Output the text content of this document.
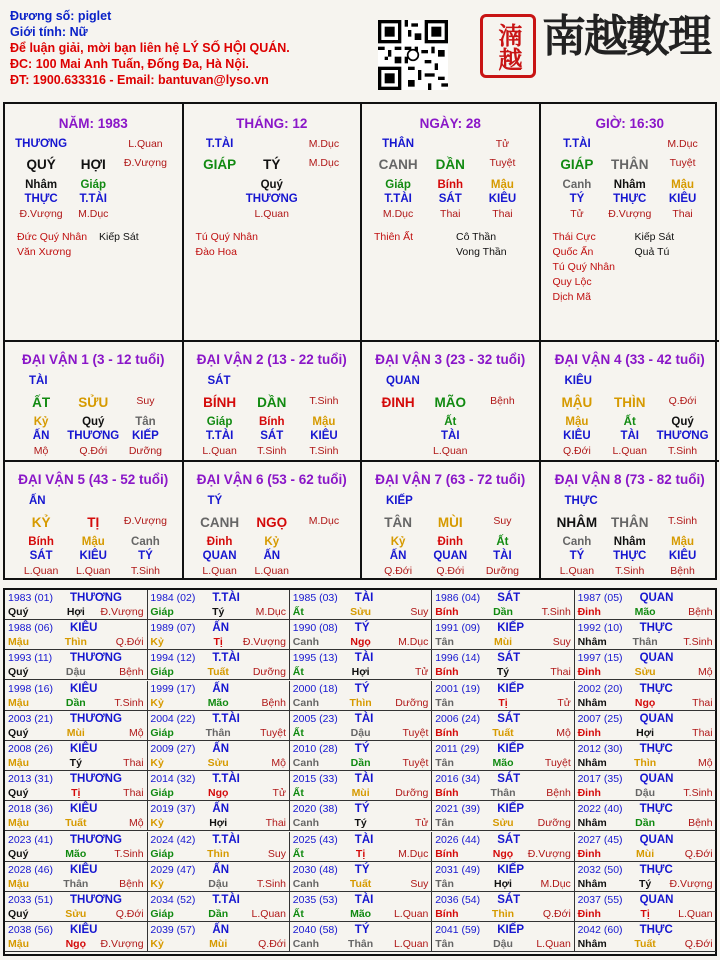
Đương số: piglet
Giới tính: Nữ
Để luận giải, mời bạn liên hệ LÝ SỐ HỘI QUÁN.
ĐC: 100 Mai Anh Tuấn, Đống Đa, Hà Nội.
ĐT: 1900.633316 - Email: bantuvan@lyso.vn
湳越 南越數理
NĂM: 1983
THƯƠNG	L.Quan
QUÝ	HỢI	Đ.Vượng
Nhâm	Giáp
THỰC	T.TÀI
Đ.Vượng	M.Dục
Đức Quý Nhân
Văn Xương
Kiếp Sát
THÁNG: 12
T.TÀI	M.Dục
GIÁP	TÝ	M.Dục
Quý
THƯƠNG
L.Quan
Tú Quý Nhân
Đào Hoa
NGÀY: 28
THÂN	Tử
CANH	DẦN	Tuyệt
Giáp	Bính	Mậu
T.TÀI	SÁT	KIÊU
M.Dục	Thai	Thai
Thiên Ất	Cô Thần
Vong Thần
GIỜ: 16:30
T.TÀI	M.Dục
GIÁP	THÂN	Tuyệt
Canh	Nhâm	Mậu
TÝ	THỰC	KIÊU
Tử	Đ.Vượng	Thai
Thái Cực
Quốc Ấn
Tú Quý Nhân
Quy Lộc
Dịch Mã
Kiếp Sát
Quả Tú
ĐẠI VẬN 1 (3 - 12 tuổi)
TÀI
ẤT	SỬU	Suy
Kỷ	Quý	Tân
ẤN	THƯƠNG	KIẾP
Mộ	Q.Đới	Dưỡng
ĐẠI VẬN 2 (13 - 22 tuổi)
SÁT
BÍNH	DẦN	T.Sinh
Giáp	Bính	Mậu
T.TÀI	SÁT	KIÊU
L.Quan	T.Sinh	T.Sinh
ĐẠI VẬN 3 (23 - 32 tuổi)
QUAN
ĐINH	MÃO	Bệnh
Ất
TÀI
L.Quan
ĐẠI VẬN 4 (33 - 42 tuổi)
KIÊU
MẬU	THÌN	Q.Đới
Mậu	Ất	Quý
KIÊU	TÀI	THƯƠNG
Q.Đới	L.Quan	T.Sinh
ĐẠI VẬN 5 (43 - 52 tuổi)
ẤN
KỶ	TỊ	Đ.Vượng
Bính	Mậu	Canh
SÁT	KIÊU	TÝ
L.Quan	L.Quan	T.Sinh
ĐẠI VẬN 6 (53 - 62 tuổi)
TÝ
CANH	NGỌ	M.Dục
Đinh	Kỷ
QUAN	ẤN
L.Quan	L.Quan
ĐẠI VẬN 7 (63 - 72 tuổi)
KIẾP
TÂN	MÙI	Suy
Kỷ	Đinh	Ất
ẤN	QUAN	TÀI
Q.Đới	Q.Đới	Dưỡng
ĐẠI VẬN 8 (73 - 82 tuổi)
THỰC
NHÂM	THÂN	T.Sinh
Canh	Nhâm	Mậu
TÝ	THỰC	KIÊU
L.Quan	T.Sinh	Bệnh
1983 (01)	THƯƠNG
Quý	Hợi	Đ.Vượng
1984 (02)	T.TÀI
Giáp	Tý	M.Dục
1985 (03)	TÀI
Ất	Sửu	Suy
1986 (04)	SÁT
Bính	Dần	T.Sinh
1987 (05)	QUAN
Đinh	Mão	Bệnh
1988 (06)	KIÊU
Mậu	Thìn	Q.Đới
1989 (07)	ẤN
Kỷ	Tị	Đ.Vượng
1990 (08)	TÝ
Canh	Ngọ	M.Dục
1991 (09)	KIẾP
Tân	Mùi	Suy
1992 (10)	THỰC
Nhâm	Thân	T.Sinh
1993 (11)	THƯƠNG
Quý	Dậu	Bệnh
1994 (12)	T.TÀI
Giáp	Tuất	Dưỡng
1995 (13)	TÀI
Ất	Hợi	Tử
1996 (14)	SÁT
Bính	Tý	Thai
1997 (15)	QUAN
Đinh	Sửu	Mộ
1998 (16)	KIÊU
Mậu	Dần	T.Sinh
1999 (17)	ẤN
Kỷ	Mão	Bệnh
2000 (18)	TÝ
Canh	Thìn	Dưỡng
2001 (19)	KIẾP
Tân	Tị	Tử
2002 (20)	THỰC
Nhâm	Ngọ	Thai
2003 (21)	THƯƠNG
Quý	Mùi	Mộ
2004 (22)	T.TÀI
Giáp	Thân	Tuyệt
2005 (23)	TÀI
Ất	Dậu	Tuyệt
2006 (24)	SÁT
Bính	Tuất	Mộ
2007 (25)	QUAN
Đinh	Hợi	Thai
2008 (26)	KIÊU
Mậu	Tý	Thai
2009 (27)	ẤN
Kỷ	Sửu	Mộ
2010 (28)	TÝ
Canh	Dần	Tuyệt
2011 (29)	KIẾP
Tân	Mão	Tuyệt
2012 (30)	THỰC
Nhâm	Thìn	Mộ
2013 (31)	THƯƠNG
Quý	Tị	Thai
2014 (32)	T.TÀI
Giáp	Ngọ	Tử
2015 (33)	TÀI
Ất	Mùi	Dưỡng
2016 (34)	SÁT
Bính	Thân	Bệnh
2017 (35)	QUAN
Đinh	Dậu	T.Sinh
2018 (36)	KIÊU
Mậu	Tuất	Mộ
2019 (37)	ẤN
Kỷ	Hợi	Thai
2020 (38)	TÝ
Canh	Tý	Tử
2021 (39)	KIẾP
Tân	Sửu	Dưỡng
2022 (40)	THỰC
Nhâm	Dần	Bệnh
2023 (41)	THƯƠNG
Quý	Mão	T.Sinh
2024 (42)	T.TÀI
Giáp	Thìn	Suy
2025 (43)	TÀI
Ất	Tị	M.Dục
2026 (44)	SÁT
Bính	Ngọ	Đ.Vượng
2027 (45)	QUAN
Đinh	Mùi	Q.Đới
2028 (46)	KIÊU
Mậu	Thân	Bệnh
2029 (47)	ẤN
Kỷ	Dậu	T.Sinh
2030 (48)	TÝ
Canh	Tuất	Suy
2031 (49)	KIẾP
Tân	Hợi	M.Dục
2032 (50)	THỰC
Nhâm	Tý	Đ.Vượng
2033 (51)	THƯƠNG
Quý	Sửu	Q.Đới
2034 (52)	T.TÀI
Giáp	Dần	L.Quan
2035 (53)	TÀI
Ất	Mão	L.Quan
2036 (54)	SÁT
Bính	Thìn	Q.Đới
2037 (55)	QUAN
Đinh	Tị	L.Quan
2038 (56)	KIÊU
Mậu	Ngọ	Đ.Vượng
2039 (57)	ẤN
Kỷ	Mùi	Q.Đới
2040 (58)	TÝ
Canh	Thân	L.Quan
2041 (59)	KIẾP
Tân	Dậu	L.Quan
2042 (60)	THỰC
Nhâm	Tuất	Q.Đới
